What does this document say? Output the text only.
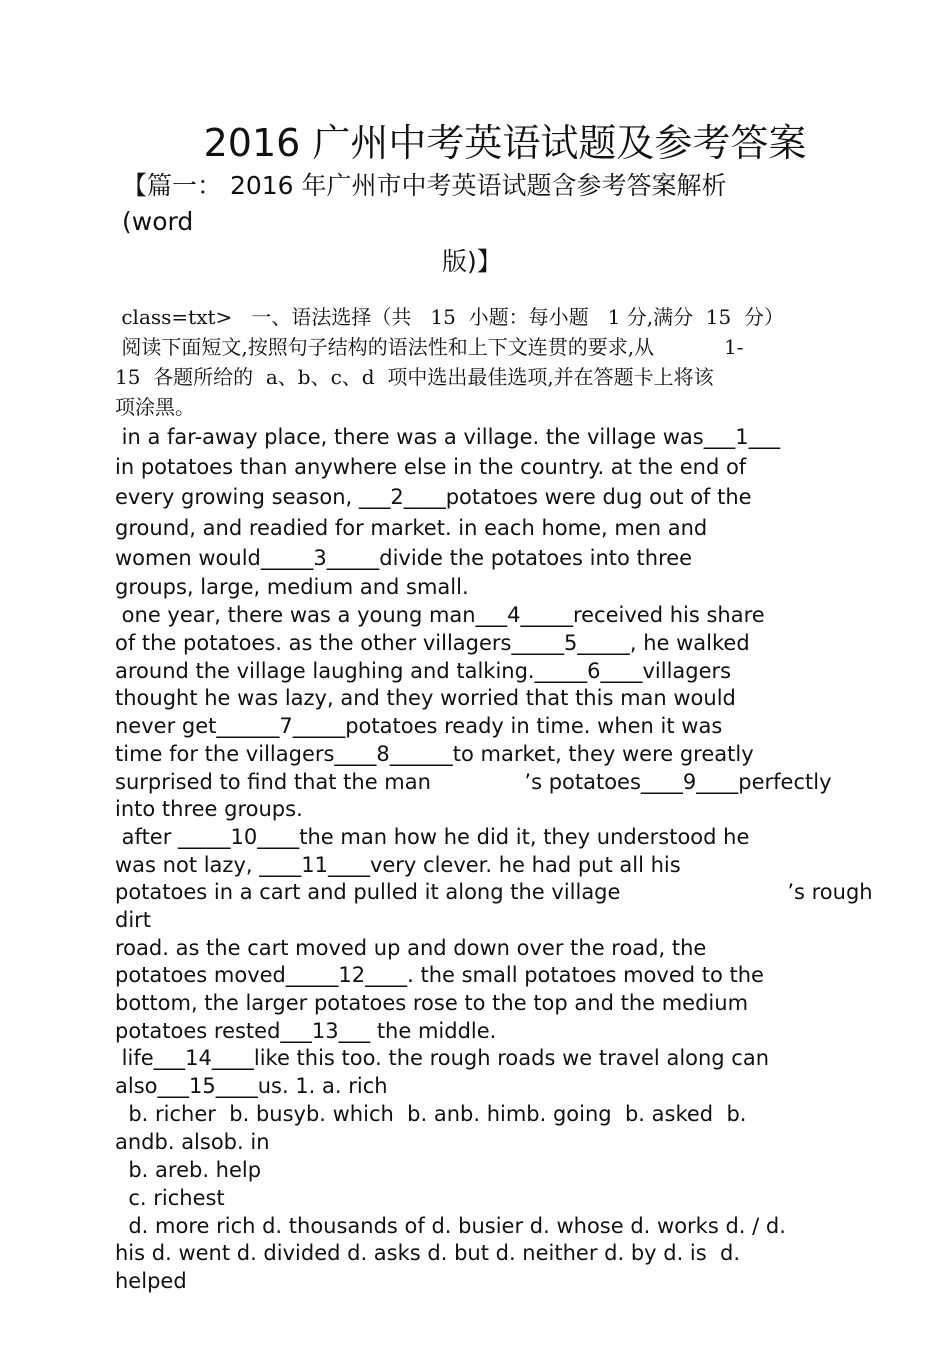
2016 广州中考英语试题及参考答案
【篇一： 2016 年广州市中考英语试题含参考答案解析
(word
版)】
class=txt>   一、语法选择（共   15  小题：每小题   1 分,满分  15  分）
阅读下面短文,按照句子结构的语法性和上下文连贯的要求,从           1-
15  各题所给的  a、b、c、d  项中选出最佳选项,并在答题卡上将该
项涂黑。
in a far-away place, there was a village. the village was___1___
in potatoes than anywhere else in the country. at the end of
every growing season, ___2____potatoes were dug out of the
ground, and readied for market. in each home, men and
women would_____3_____divide the potatoes into three
groups, large, medium and small.
one year, there was a young man___4_____received his share
of the potatoes. as the other villagers_____5_____, he walked
around the village laughing and talking._____6____villagers
thought he was lazy, and they worried that this man would
never get______7_____potatoes ready in time. when it was
time for the villagers____8______to market, they were greatly
surprised to find that the man              ’s potatoes____9____perfectly
into three groups.
after _____10____the man how he did it, they understood he
was not lazy, ____11____very clever. he had put all his
potatoes in a cart and pulled it along the village                         ’s rough
dirt
road. as the cart moved up and down over the road, the
potatoes moved_____12____. the small potatoes moved to the
bottom, the larger potatoes rose to the top and the medium
potatoes rested___13___ the middle.
life___14____like this too. the rough roads we travel along can
also___15____us. 1. a. rich
b. richer  b. busyb. which  b. anb. himb. going  b. asked  b.
andb. alsob. in
b. areb. help
c. richest
d. more rich d. thousands of d. busier d. whose d. works d. / d.
his d. went d. divided d. asks d. but d. neither d. by d. is  d.
helped
